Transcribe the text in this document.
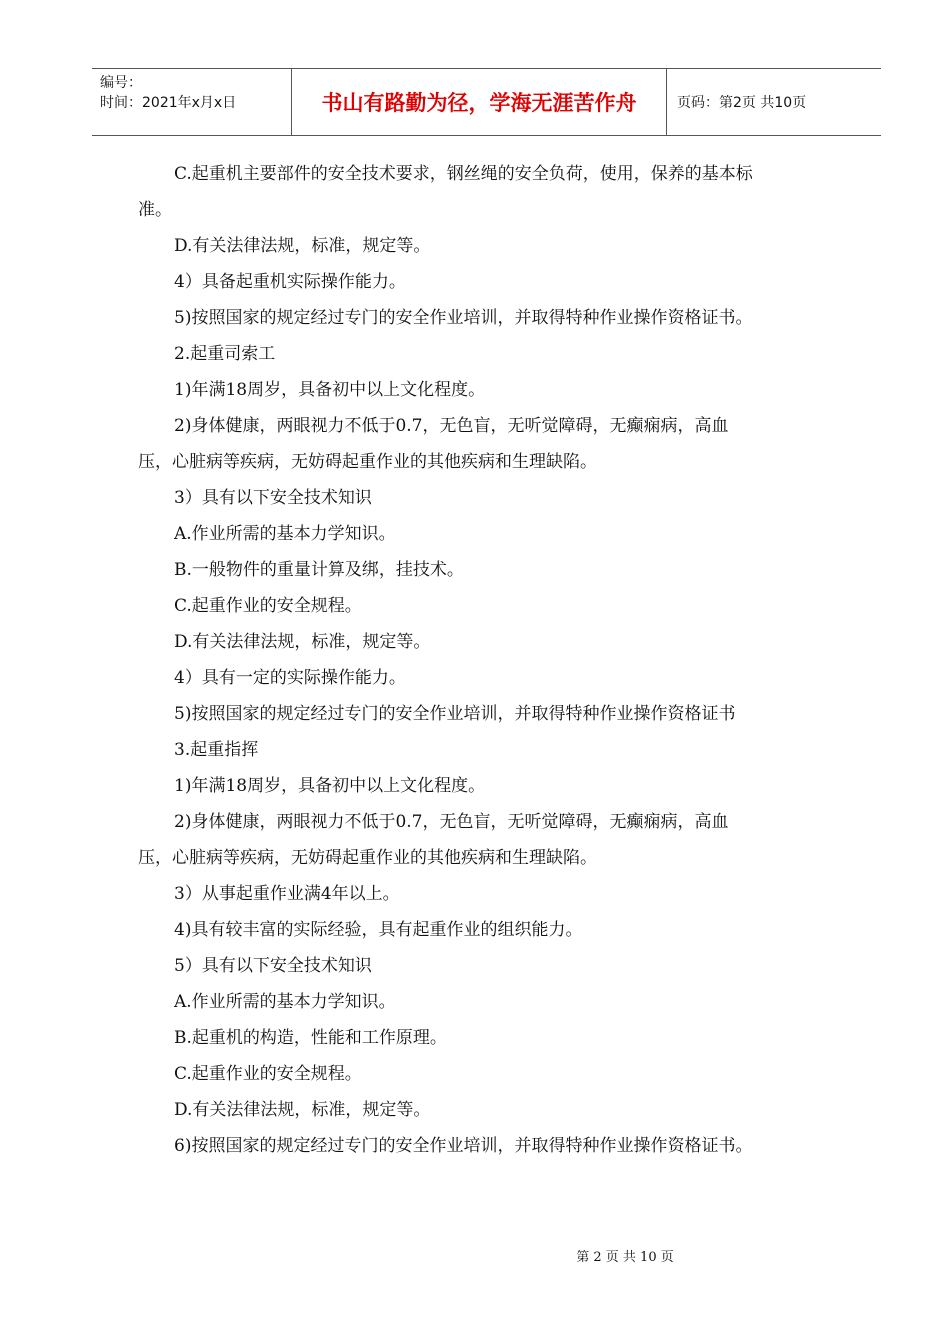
编号：
时间：2021年x月x日	书山有路勤为径，学海无涯苦作舟	页码：第2页 共10页
C.起重机主要部件的安全技术要求，钢丝绳的安全负荷，使用，保养的基本标
准。
D.有关法律法规，标准，规定等。
4）具备起重机实际操作能力。
5)按照国家的规定经过专门的安全作业培训，并取得特种作业操作资格证书。
2.起重司索工
1)年满18周岁，具备初中以上文化程度。
2)身体健康，两眼视力不低于0.7，无色盲，无听觉障碍，无癫痫病，高血
压，心脏病等疾病，无妨碍起重作业的其他疾病和生理缺陷。
3）具有以下安全技术知识
A.作业所需的基本力学知识。
B.一般物件的重量计算及绑，挂技术。
C.起重作业的安全规程。
D.有关法律法规，标准，规定等。
4）具有一定的实际操作能力。
5)按照国家的规定经过专门的安全作业培训，并取得特种作业操作资格证书
3.起重指挥
1)年满18周岁，具备初中以上文化程度。
2)身体健康，两眼视力不低于0.7，无色盲，无听觉障碍，无癫痫病，高血
压，心脏病等疾病，无妨碍起重作业的其他疾病和生理缺陷。
3）从事起重作业满4年以上。
4)具有较丰富的实际经验，具有起重作业的组织能力。
5）具有以下安全技术知识
A.作业所需的基本力学知识。
B.起重机的构造，性能和工作原理。
C.起重作业的安全规程。
D.有关法律法规，标准，规定等。
6)按照国家的规定经过专门的安全作业培训，并取得特种作业操作资格证书。
第 2 页 共 10 页
